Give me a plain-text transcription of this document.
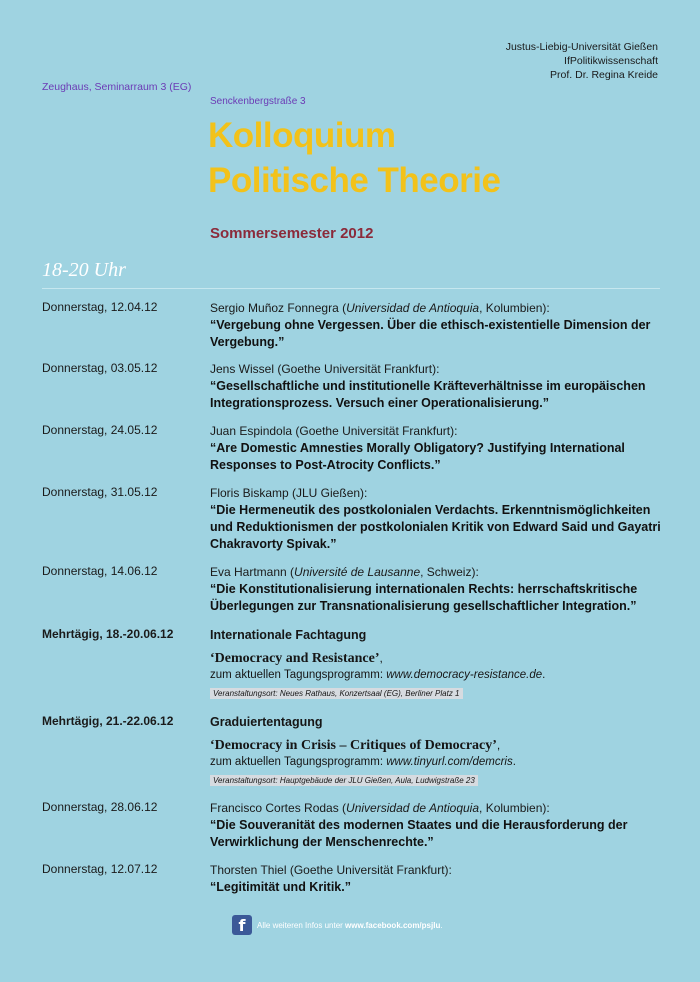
Justus-Liebig-Universität Gießen
IfPolitikwissenschaft
Prof. Dr. Regina Kreide
Zeughaus, Seminarraum 3 (EG)
Senckenbergstraße 3
Kolloquium
Politische Theorie
Sommersemester 2012
18-20 Uhr
Donnerstag, 12.04.12	Sergio Muñoz Fonnegra (Universidad de Antioquia, Kolumbien):
“Vergebung ohne Vergessen. Über die ethisch-existentielle Dimension der
Vergebung.”
Donnerstag, 03.05.12	Jens Wissel (Goethe Universität Frankfurt):
“Gesellschaftliche und institutionelle Kräfteverhältnisse im europäischen
Integrationsprozess. Versuch einer Operationalisierung.”
Donnerstag, 24.05.12	Juan Espindola (Goethe Universität Frankfurt):
“Are Domestic Amnesties Morally Obligatory? Justifying International
Responses to Post-Atrocity Conflicts.”
Donnerstag, 31.05.12	Floris Biskamp (JLU Gießen):
“Die Hermeneutik des postkolonialen Verdachts. Erkenntnismöglichkeiten
und Reduktionismen der postkolonialen Kritik von Edward Said und Gayatri
Chakravorty Spivak.”
Donnerstag, 14.06.12	Eva Hartmann (Université de Lausanne, Schweiz):
“Die Konstitutionalisierung internationalen Rechts: herrschaftskritische
Überlegungen zur Transnationalisierung gesellschaftlicher Integration.”
Mehrtägig, 18.-20.06.12	Internationale Fachtagung
‘Democracy and Resistance’,
zum aktuellen Tagungsprogramm: www.democracy-resistance.de.
Veranstaltungsort: Neues Rathaus, Konzertsaal (EG), Berliner Platz 1
Mehrtägig, 21.-22.06.12	Graduiertentagung
‘Democracy in Crisis – Critiques of Democracy’,
zum aktuellen Tagungsprogramm: www.tinyurl.com/demcris.
Veranstaltungsort: Hauptgebäude der JLU Gießen, Aula, Ludwigstraße 23
Donnerstag, 28.06.12	Francisco Cortes Rodas (Universidad de Antioquia, Kolumbien):
“Die Souveranität des modernen Staates und die Herausforderung der
Verwirklichung der Menschenrechte.”
Donnerstag, 12.07.12	Thorsten Thiel (Goethe Universität Frankfurt):
“Legitimität und Kritik.”
f	Alle weiteren Infos unter www.facebook.com/psjlu.
